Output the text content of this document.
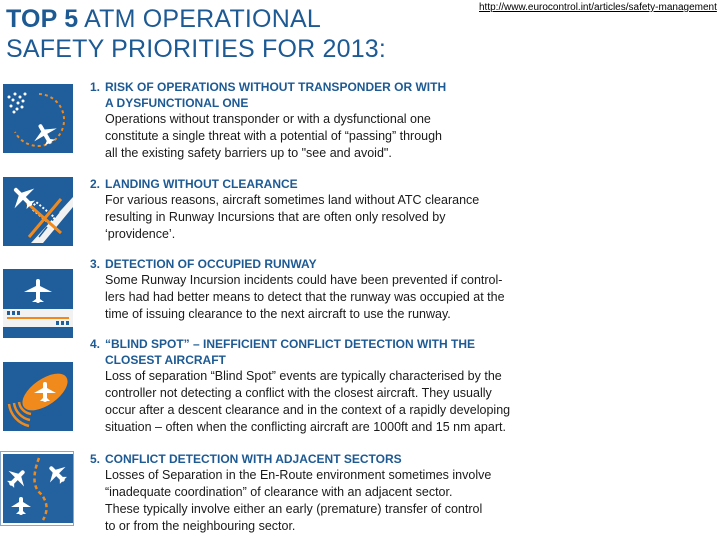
TOP 5 ATM OPERATIONAL
SAFETY PRIORITIES FOR 2013:
http://www.eurocontrol.int/articles/safety-management
1. RISK OF OPERATIONS WITHOUT TRANSPONDER OR WITH
A DYSFUNCTIONAL ONE
Operations without transponder or with a dysfunctional one
constitute a single threat with a potential of “passing” through
all the existing safety barriers up to "see and avoid".
2. LANDING WITHOUT CLEARANCE
For various reasons, aircraft sometimes land without ATC clearance
resulting in Runway Incursions that are often only resolved by
‘providence’.
3. DETECTION OF OCCUPIED RUNWAY
Some Runway Incursion incidents could have been prevented if control-
lers had had better means to detect that the runway was occupied at the
time of issuing clearance to the next aircraft to use the runway.
4. “BLIND SPOT” – INEFFICIENT CONFLICT DETECTION WITH THE
CLOSEST AIRCRAFT
Loss of separation “Blind Spot” events are typically characterised by the
controller not detecting a conflict with the closest aircraft. They usually
occur after a descent clearance and in the context of a rapidly developing
situation – often when the conflicting aircraft are 1000ft and 15 nm apart.
5. CONFLICT DETECTION WITH ADJACENT SECTORS
Losses of Separation in the En-Route environment sometimes involve
“inadequate coordination” of clearance with an adjacent sector.
These typically involve either an early (premature) transfer of control
to or from the neighbouring sector.
